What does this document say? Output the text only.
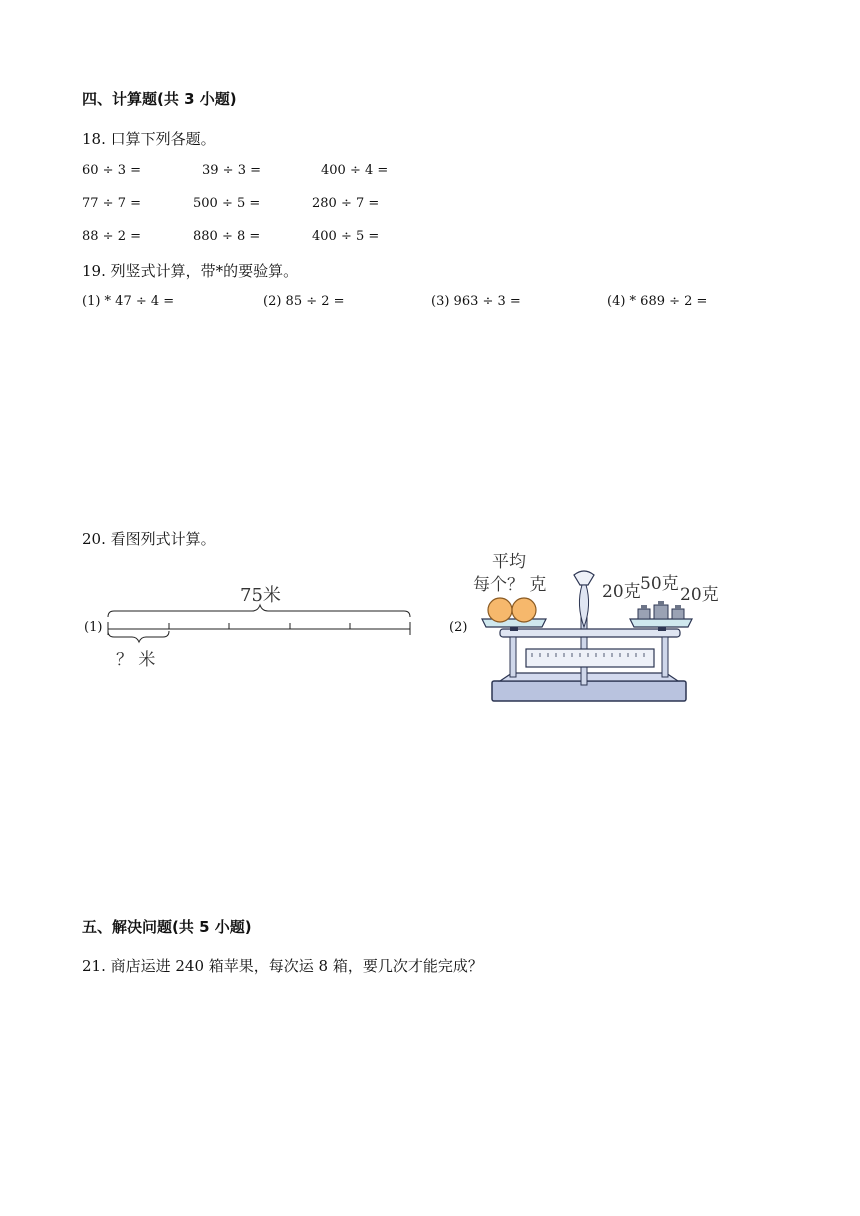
四、计算题(共 3 小题)
18. 口算下列各题。
60 ÷ 3 =	39 ÷ 3 =	400 ÷ 4 =
77 ÷ 7 =	500 ÷ 5 =	280 ÷ 7 =
88 ÷ 2 =	880 ÷ 8 =	400 ÷ 5 =
19. 列竖式计算，带*的要验算。
(1) * 47 ÷ 4 =	(2) 85 ÷ 2 =	(3) 963 ÷ 3 =	(4) * 689 ÷ 2 =
20. 看图列式计算。
(1)
75米
？ 米
(2)
平均
每个？ 克	20克 50克
20克
五、解决问题(共 5 小题)
21. 商店运进 240 箱苹果，每次运 8 箱，要几次才能完成？
